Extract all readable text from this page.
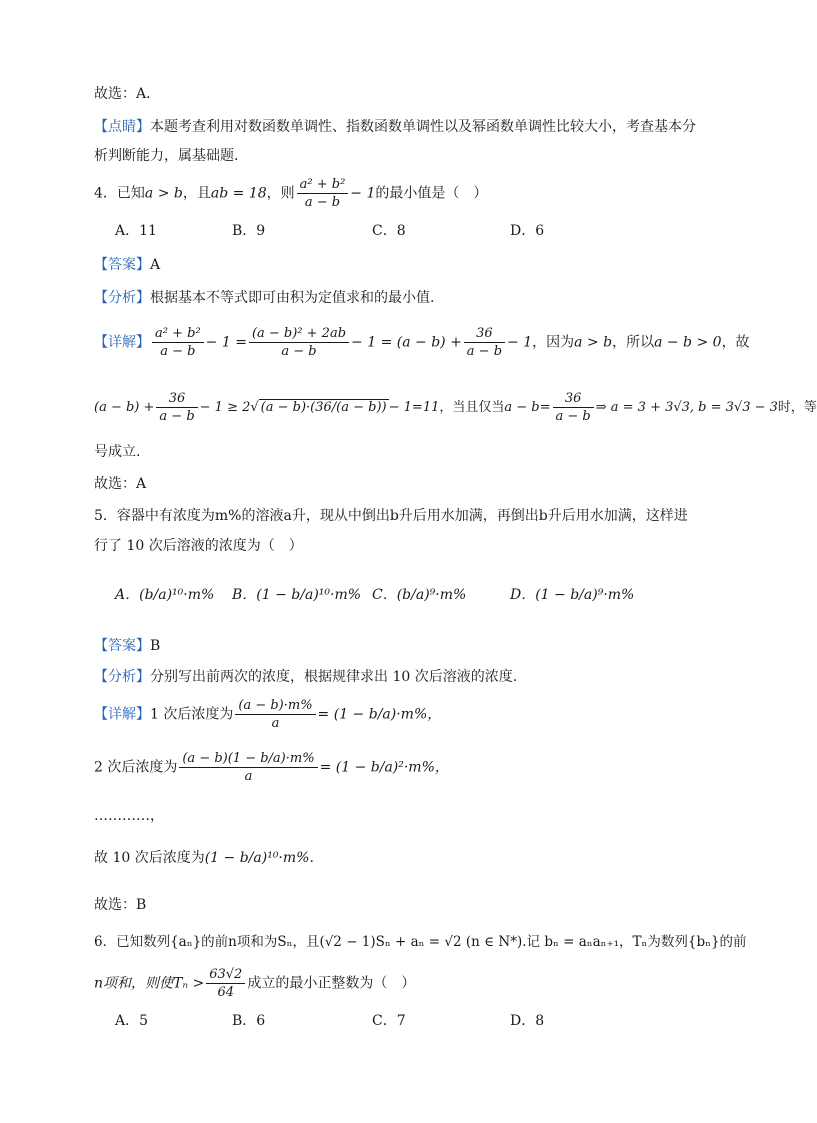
故选：A．
【点睛】本题考查利用对数函数单调性、指数函数单调性以及幂函数单调性比较大小，考查基本分
析判断能力，属基础题.
4．已知a > b，且ab = 18，则 $\frac{\text{a² + b²}}{a - b} - 1$的最小值是（　）
A．11	B．9	C．8	D．6
【答案】A
【分析】根据基本不等式即可由积为定值求和的最小值.
【详解】 $\frac{\text{a² + b²}}{a - b} - 1 = \frac{\text{(a − b)² + 2ab}}{a - b} - 1 = (a - b) + \frac{36}{a - b} - 1$，因为a > b，所以a − b > 0，故
$(a - b) + \frac{36}{a - b} - 1 \ge 2√$ (a − b)·(36/(a − b)) − 1=11，当且仅当$a - b= \frac{36}{a - b}$ ⇒ a = 3 + 3√3, b = 3√3 − 3时，等
号成立.
故选：A
5．容器中有浓度为m%的溶液a升，现从中倒出b升后用水加满，再倒出b升后用水加满，这样进
行了 10 次后溶液的浓度为（　）
A．(b/a)¹⁰·m% B．(1 − b/a)¹⁰·m% C．(b/a)⁹·m%	D．(1 − b/a)⁹·m%
【答案】B
【分析】分别写出前两次的浓度，根据规律求出 10 次后溶液的浓度.
【详解】1 次后浓度为 $\frac{(a - b)\cdot m\%}{a} = (1 - b/a)\cdot m\%$，
2 次后浓度为 $\frac{(a - b)(1 - b/a)\cdot m\%}{a} = (1 - b/a)^2\cdot m\%$，
…………，
故 10 次后浓度为(1 − b/a)¹⁰·m%.
故选：B
6．已知数列{aₙ}的前n项和为Sₙ，且(√2 − 1)Sₙ + aₙ = √2 (n ∈ N*).记 bₙ = aₙaₙ₊₁，Tₙ为数列{bₙ}的前
n项和，则使$T_n > \frac{63√2}{64}$ 成立的最小正整数为（　）
A．5	B．6	C．7	D．8
